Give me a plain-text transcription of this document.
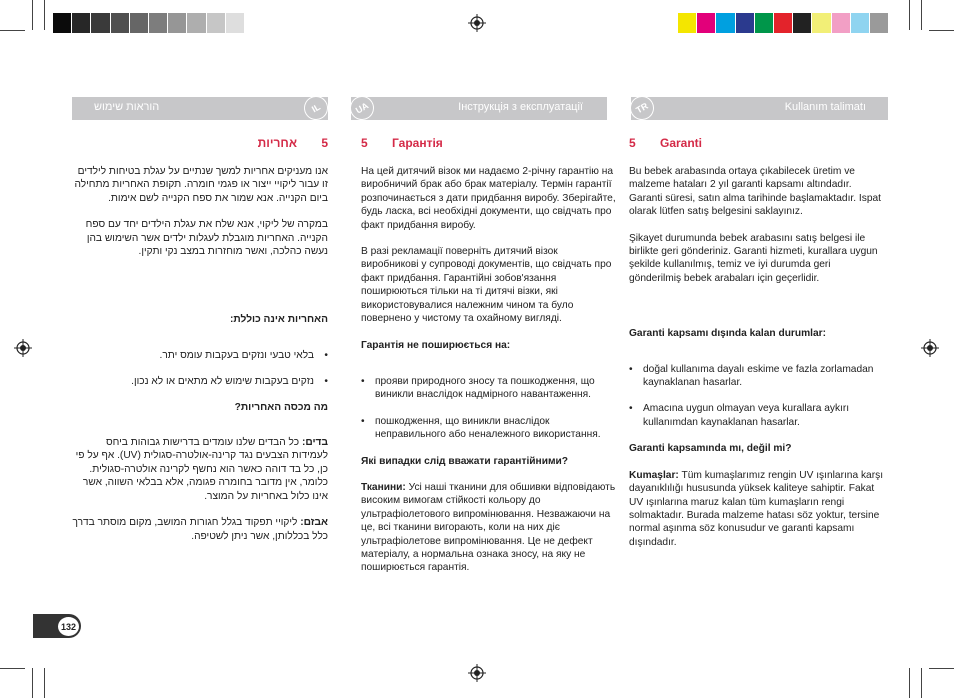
הוראות שימוש	IL	UA	Інструкція з експлуатації	TR	Kullanım talimatı
5
אחריות

אנו מעניקים אחריות למשך שנתיים על עגלת בטיחות לילדים זו עבור ליקויי ייצור או פגמי חומרה. תקופת האחריות מתחילה ביום הקנייה. אנא שמור את ספח הקנייה לשם אימות.

במקרה של ליקוי, אנא שלח את עגלת הילדים יחד עם ספח הקנייה. האחריות מוגבלת לעגלות ילדים אשר השימוש בהן נעשה כהלכה, ואשר מוחזרות במצב נקי ותקין.

האחריות אינה כוללת:

•
בלאי טבעי ונזקים בעקבות עומס יתר.
•
נזקים בעקבות שימוש לא מתאים או לא נכון.

מה מכסה האחריות?

בדים: כל הבדים שלנו עומדים בדרישות גבוהות ביחס לעמידות הצבעים נגד קרינה-אולטרה-סגולית (UV). אף על פי כן, כל בד דוהה כאשר הוא נחשף לקרינה אולטרה-סגולית. כלומר, אין מדובר בחומרה פגומה, אלא בבלאי השווה, אשר אינו כלול באחריות על המוצר.

אבזם: ליקויי תפקוד בגלל חגורות המושב, מקום מוסתר בדרך כלל בכללותן, אשר ניתן לשטיפה.

5 Гарантія

На цей дитячий візок ми надаємо 2-річну гарантію на виробничий брак або брак матеріалу. Термін гарантії розпочинається з дати придбання виробу. Зберігайте, будь ласка, всі необхідні документи, що свідчать про факт придбання виробу.

В разі рекламації поверніть дитячий візок виробникові у супроводі документів, що свідчать про факт придбання. Гарантійні зобов'язання поширюються тільки на ті дитячі візки, які використовувалися належним чином та було повернено у чистому та охайному вигляді.

Гарантія не поширюється на:

• прояви природного зносу та пошкодження, що виникли внаслідок надмірного навантаження.
• пошкодження, що виникли внаслідок неправильного або неналежного використання.

Які випадки слід вважати гарантійними?

Тканини: Усі наші тканини для обшивки відповідають високим вимогам стійкості кольору до ультрафіолетового випромінювання. Незважаючи на це, всі тканини вигорають, коли на них діє ультрафіолетове випромінювання. Це не дефект матеріалу, а нормальна ознака зносу, на яку не поширюється гарантія.

5 Garanti

Bu bebek arabasında ortaya çıkabilecek üretim ve malzeme hataları 2 yıl garanti kapsamı altındadır. Garanti süresi, satın alma tarihinde başlamaktadır. Ispat olarak lütfen satış belgesini saklayınız.

Şikayet durumunda bebek arabasını satış belgesi ile birlikte geri gönderiniz. Garanti hizmeti, kurallara uygun şekilde kullanılmış, temiz ve iyi durumda geri gönderilmiş bebek arabaları için geçerlidir.

Garanti kapsamı dışında kalan durumlar:

• doğal kullanıma dayalı eskime ve fazla zorlamadan kaynaklanan hasarlar.
• Amacına uygun olmayan veya kurallara aykırı kullanımdan kaynaklanan hasarlar.

Garanti kapsamında mı, değil mi?

Kumaşlar: Tüm kumaşlarımız rengin UV ışınlarına karşı dayanıklılığı hususunda yüksek kaliteye sahiptir. Fakat UV ışınlarına maruz kalan tüm kumaşların rengi solmaktadır. Burada malzeme hatası söz yoktur, tersine normal aşınma söz konusudur ve garanti kapsamı dışındadır.

132
